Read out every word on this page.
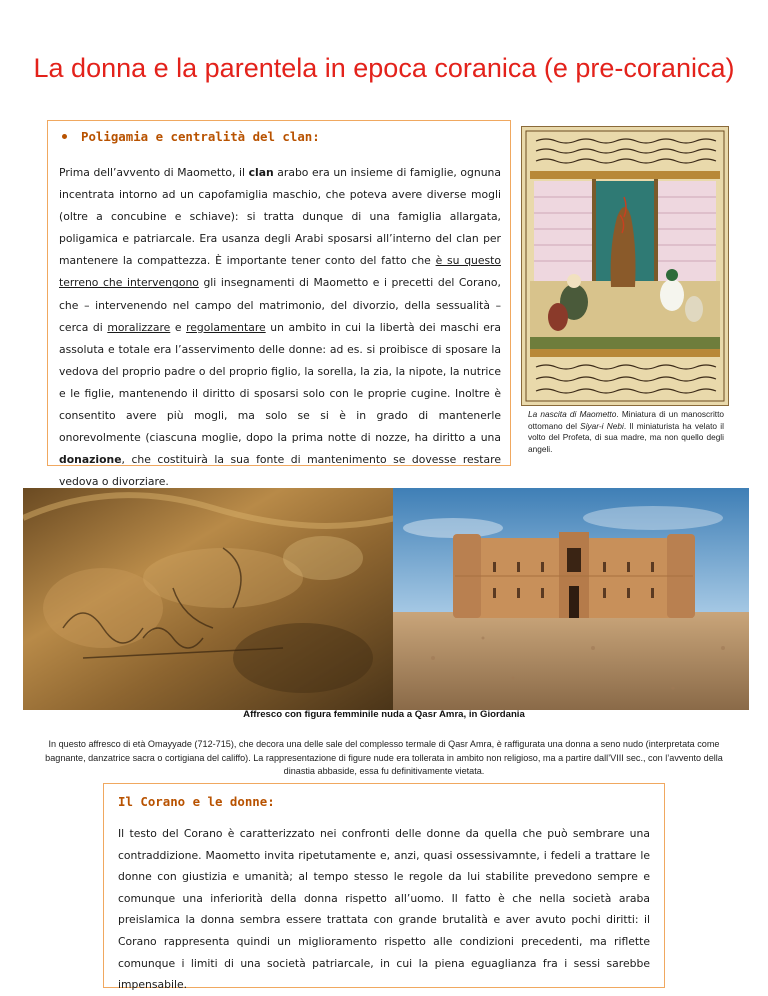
La donna e la parentela in epoca coranica (e pre-coranica)
Poligamia e centralità del clan:
Prima dell’avvento di Maometto, il clan arabo era un insieme di famiglie, ognuna incentrata intorno ad un capofamiglia maschio, che poteva avere diverse mogli (oltre a concubine e schiave): si tratta dunque di una famiglia allargata, poligamica e patriarcale. Era usanza degli Arabi sposarsi all’interno del clan per mantenere la compattezza. È importante tener conto del fatto che è su questo terreno che intervengono gli insegnamenti di Maometto e i precetti del Corano, che – intervenendo nel campo del matrimonio, del divorzio, della sessualità – cerca di moralizzare e regolamentare un ambito in cui la libertà dei maschi era assoluta e totale era l’asservimento delle donne: ad es. si proibisce di sposare la vedova del proprio padre o del proprio figlio, la sorella, la zia, la nipote, la nutrice e le figlie, mantenendo il diritto di sposarsi solo con le proprie cugine. Inoltre è consentito avere più mogli, ma solo se si è in grado di mantenerle onorevolmente (ciascuna moglie, dopo la prima notte di nozze, ha diritto a una donazione, che costituirà la sua fonte di mantenimento se dovesse restare vedova o divorziare.
La nascita di Maometto. Miniatura di un manoscritto ottomano del Siyar-i Nebi. Il miniaturista ha velato il volto del Profeta, di sua madre, ma non quello degli angeli.
Affresco con figura femminile nuda a Qasr Amra, in Giordania
In questo affresco di età Omayyade (712-715), che decora una delle sale del complesso termale di Qasr Amra, è raffigurata una donna a seno nudo (interpretata come bagnante, danzatrice sacra o cortigiana del califfo). La rappresentazione di figure nude era tollerata in ambito non religioso, ma a partire dall’VIII sec., con l’avvento della dinastia abbaside, essa fu definitivamente vietata.
Il Corano e le donne:
Il testo del Corano è caratterizzato nei confronti delle donne da quella che può sembrare una contraddizione. Maometto invita ripetutamente e, anzi, quasi ossessivamnte, i fedeli a trattare le donne con giustizia e umanità; al tempo stesso le regole da lui stabilite prevedono sempre e comunque una inferiorità della donna rispetto all’uomo. Il fatto è che nella società araba preislamica la donna sembra essere trattata con grande brutalità e aver avuto pochi diritti: il Corano rappresenta quindi un miglioramento rispetto alle condizioni precedenti, ma riflette comunque i limiti di una società patriarcale, in cui la piena eguaglianza fra i sessi sarebbe impensabile.
